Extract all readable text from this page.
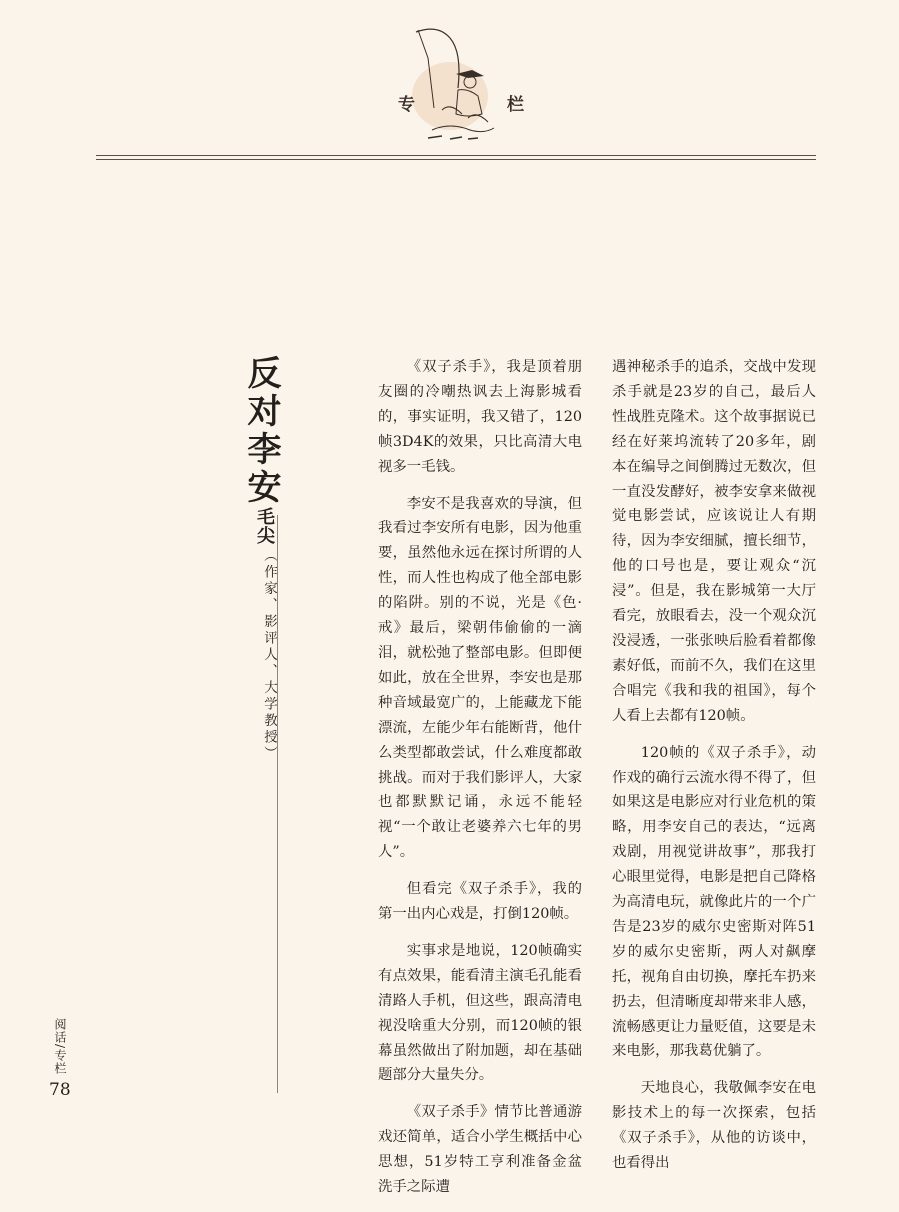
专	栏
反对李安
毛尖
（作家、影评人、大学教授）

《双子杀手》，我是顶着朋友圈的冷嘲热讽去上海影城看的，事实证明，我又错了，120帧3D4K的效果，只比高清大电视多一毛钱。

李安不是我喜欢的导演，但我看过李安所有电影，因为他重要，虽然他永远在探讨所谓的人性，而人性也构成了他全部电影的陷阱。别的不说，光是《色·戒》最后，梁朝伟偷偷的一滴泪，就松弛了整部电影。但即便如此，放在全世界，李安也是那种音域最宽广的，上能藏龙下能漂流，左能少年右能断背，他什么类型都敢尝试，什么难度都敢挑战。而对于我们影评人，大家也都默默记诵，永远不能轻视“一个敢让老婆养六七年的男人”。

但看完《双子杀手》，我的第一出内心戏是，打倒120帧。

实事求是地说，120帧确实有点效果，能看清主演毛孔能看清路人手机，但这些，跟高清电视没啥重大分别，而120帧的银幕虽然做出了附加题，却在基础题部分大量失分。

《双子杀手》情节比普通游戏还简单，适合小学生概括中心思想，51岁特工亨利准备金盆洗手之际遭

遇神秘杀手的追杀，交战中发现杀手就是23岁的自己，最后人性战胜克隆术。这个故事据说已经在好莱坞流转了20多年，剧本在编导之间倒腾过无数次，但一直没发酵好，被李安拿来做视觉电影尝试，应该说让人有期待，因为李安细腻，擅长细节，他的口号也是，要让观众“沉浸”。但是，我在影城第一大厅看完，放眼看去，没一个观众沉没浸透，一张张映后脸看着都像素好低，而前不久，我们在这里合唱完《我和我的祖国》，每个人看上去都有120帧。

120帧的《双子杀手》，动作戏的确行云流水得不得了，但如果这是电影应对行业危机的策略，用李安自己的表达，“远离戏剧，用视觉讲故事”，那我打心眼里觉得，电影是把自己降格为高清电玩，就像此片的一个广告是23岁的威尔史密斯对阵51岁的威尔史密斯，两人对飙摩托，视角自由切换，摩托车扔来扔去，但清晰度却带来非人感，流畅感更让力量贬值，这要是未来电影，那我葛优躺了。

天地良心，我敬佩李安在电影技术上的每一次探索，包括《双子杀手》，从他的访谈中，也看得出

阅话/专栏
78
